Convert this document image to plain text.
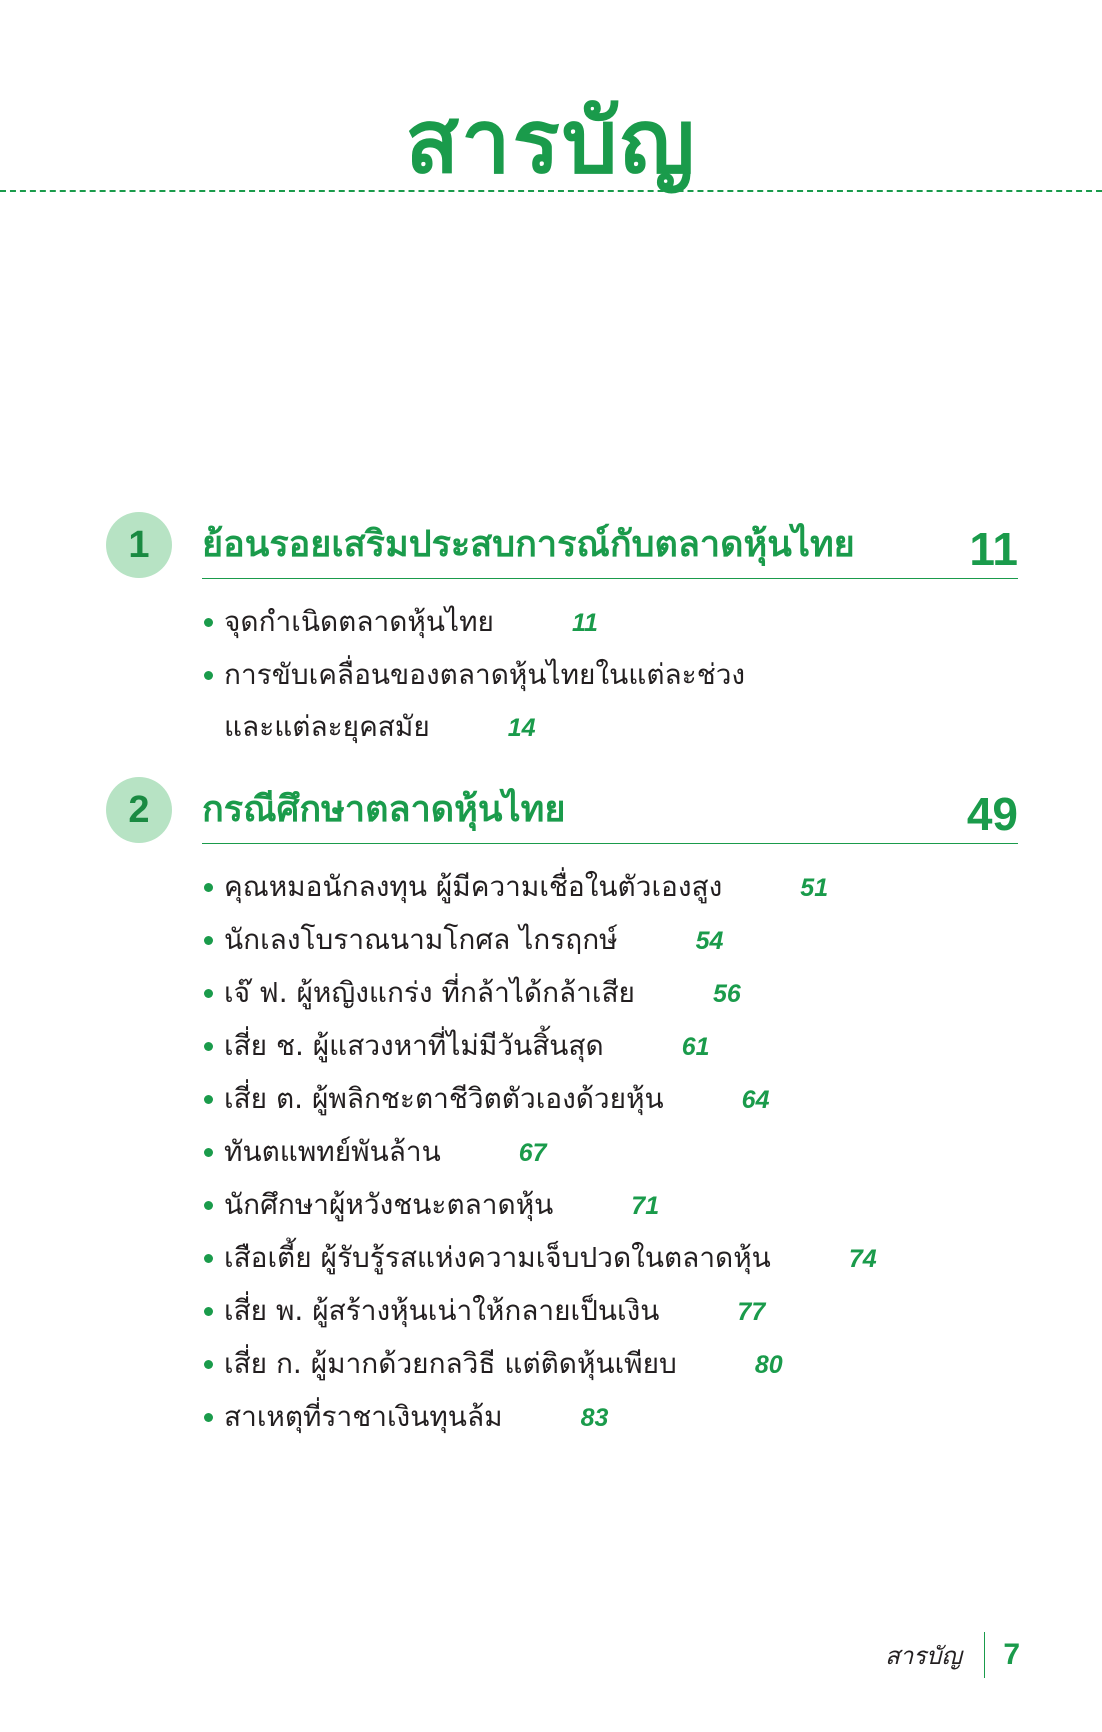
สารบัญ
1	ย้อนรอยเสริมประสบการณ์กับตลาดหุ้นไทย 11
จุดกำเนิดตลาดหุ้นไทย	11
การขับเคลื่อนของตลาดหุ้นไทยในแต่ละช่วง
และแต่ละยุคสมัย	14
2	กรณีศึกษาตลาดหุ้นไทย	49
คุณหมอนักลงทุน ผู้มีความเชื่อในตัวเองสูง	51
นักเลงโบราณนามโกศล ไกรฤกษ์	54
เจ๊ ฟ. ผู้หญิงแกร่ง ที่กล้าได้กล้าเสีย	56
เสี่ย ช. ผู้แสวงหาที่ไม่มีวันสิ้นสุด	61
เสี่ย ต. ผู้พลิกชะตาชีวิตตัวเองด้วยหุ้น	64
ทันตแพทย์พันล้าน	67
นักศึกษาผู้หวังชนะตลาดหุ้น	71
เสือเตี้ย ผู้รับรู้รสแห่งความเจ็บปวดในตลาดหุ้น	74
เสี่ย พ. ผู้สร้างหุ้นเน่าให้กลายเป็นเงิน	77
เสี่ย ก. ผู้มากด้วยกลวิธี แต่ติดหุ้นเพียบ	80
สาเหตุที่ราชาเงินทุนล้ม	83
สารบัญ 7
